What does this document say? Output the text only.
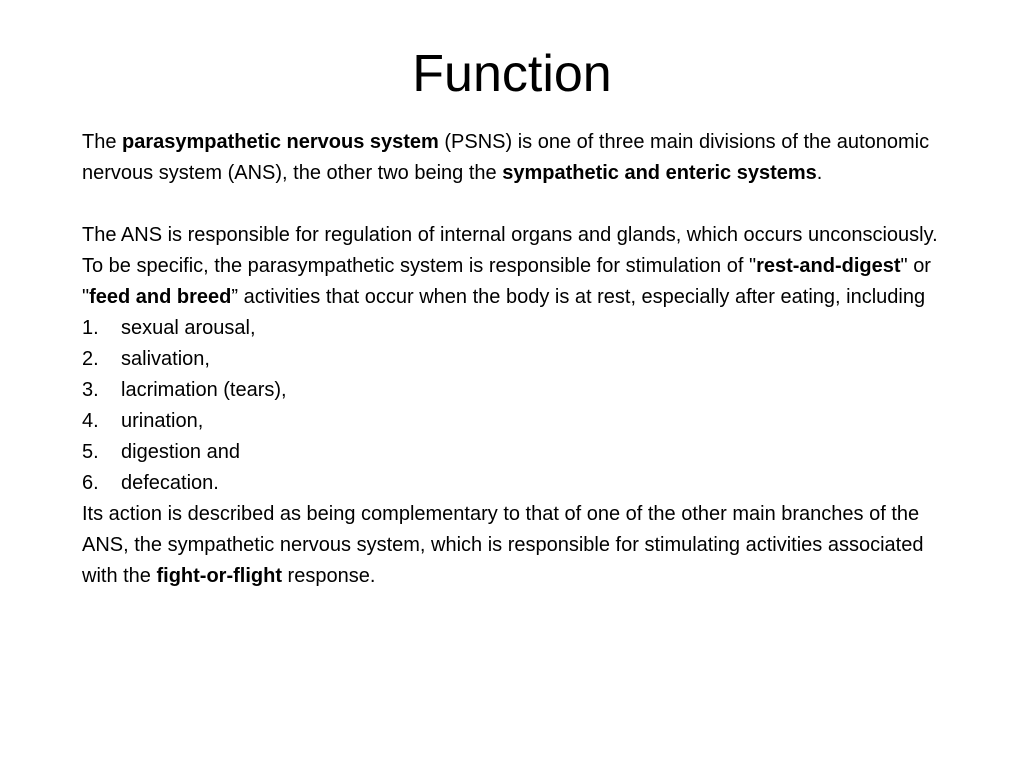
Function

The parasympathetic nervous system (PSNS) is one of three main divisions of the autonomic nervous system (ANS), the other two being the sympathetic and enteric systems.

The ANS is responsible for regulation of internal organs and glands, which occurs unconsciously. To be specific, the parasympathetic system is responsible for stimulation of "rest-and-digest" or "feed and breed” activities that occur when the body is at rest, especially after eating, including

1. sexual arousal,
2. salivation,
3. lacrimation (tears),
4. urination,
5. digestion and
6. defecation.

Its action is described as being complementary to that of one of the other main branches of the ANS, the sympathetic nervous system, which is responsible for stimulating activities associated with the fight-or-flight response.
